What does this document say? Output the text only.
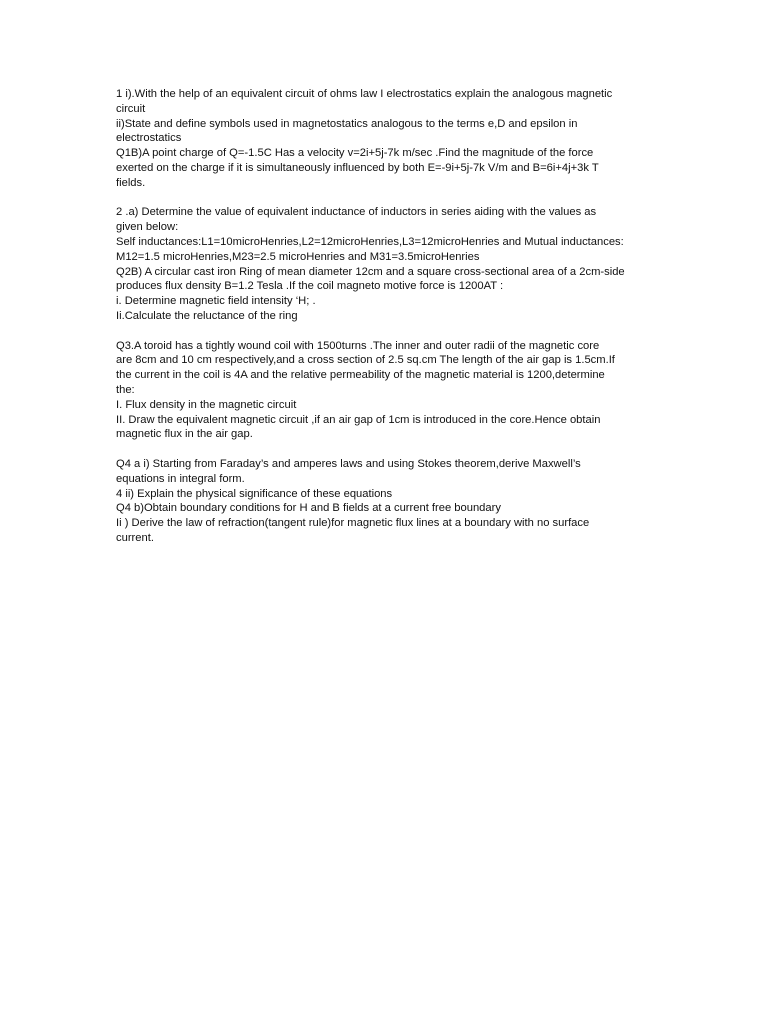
1 i).With the help of an equivalent circuit of ohms law I electrostatics explain the analogous magnetic
circuit
ii)State and define symbols used in magnetostatics analogous to the terms e,D and epsilon in
electrostatics
Q1B)A point charge of Q=-1.5C Has a velocity v=2i+5j-7k m/sec .Find the magnitude of the force
exerted on the charge if it is simultaneously influenced by both E=-9i+5j-7k V/m and B=6i+4j+3k T
fields.
2 .a) Determine the value of equivalent inductance of inductors in series aiding with the values as
given below:
Self inductances:L1=10microHenries,L2=12microHenries,L3=12microHenries and Mutual inductances:
M12=1.5 microHenries,M23=2.5 microHenries and M31=3.5microHenries
Q2B) A circular cast iron Ring of mean diameter 12cm and a square cross-sectional area of a 2cm-side
produces flux density B=1.2 Tesla .If the coil magneto motive force is 1200AT :
i. Determine magnetic field intensity ‘H; .
Ii.Calculate the reluctance of the ring
Q3.A toroid has a tightly wound coil with 1500turns .The inner and outer radii of the magnetic core
are 8cm and 10 cm respectively,and a cross section of 2.5 sq.cm The length of the air gap is 1.5cm.If
the current in the coil is 4A and the relative permeability of the magnetic material is 1200,determine
the:
I. Flux density in the magnetic circuit
II. Draw the equivalent magnetic circuit ,if an air gap of 1cm is introduced in the core.Hence obtain
magnetic flux in the air gap.
Q4 a i) Starting from Faraday’s and amperes laws and using Stokes theorem,derive Maxwell’s
equations in integral form.
4 ii) Explain the physical significance of these equations
Q4 b)Obtain boundary conditions for H and B fields at a current free boundary
Ii ) Derive the law of refraction(tangent rule)for magnetic flux lines at a boundary with no surface
current.
